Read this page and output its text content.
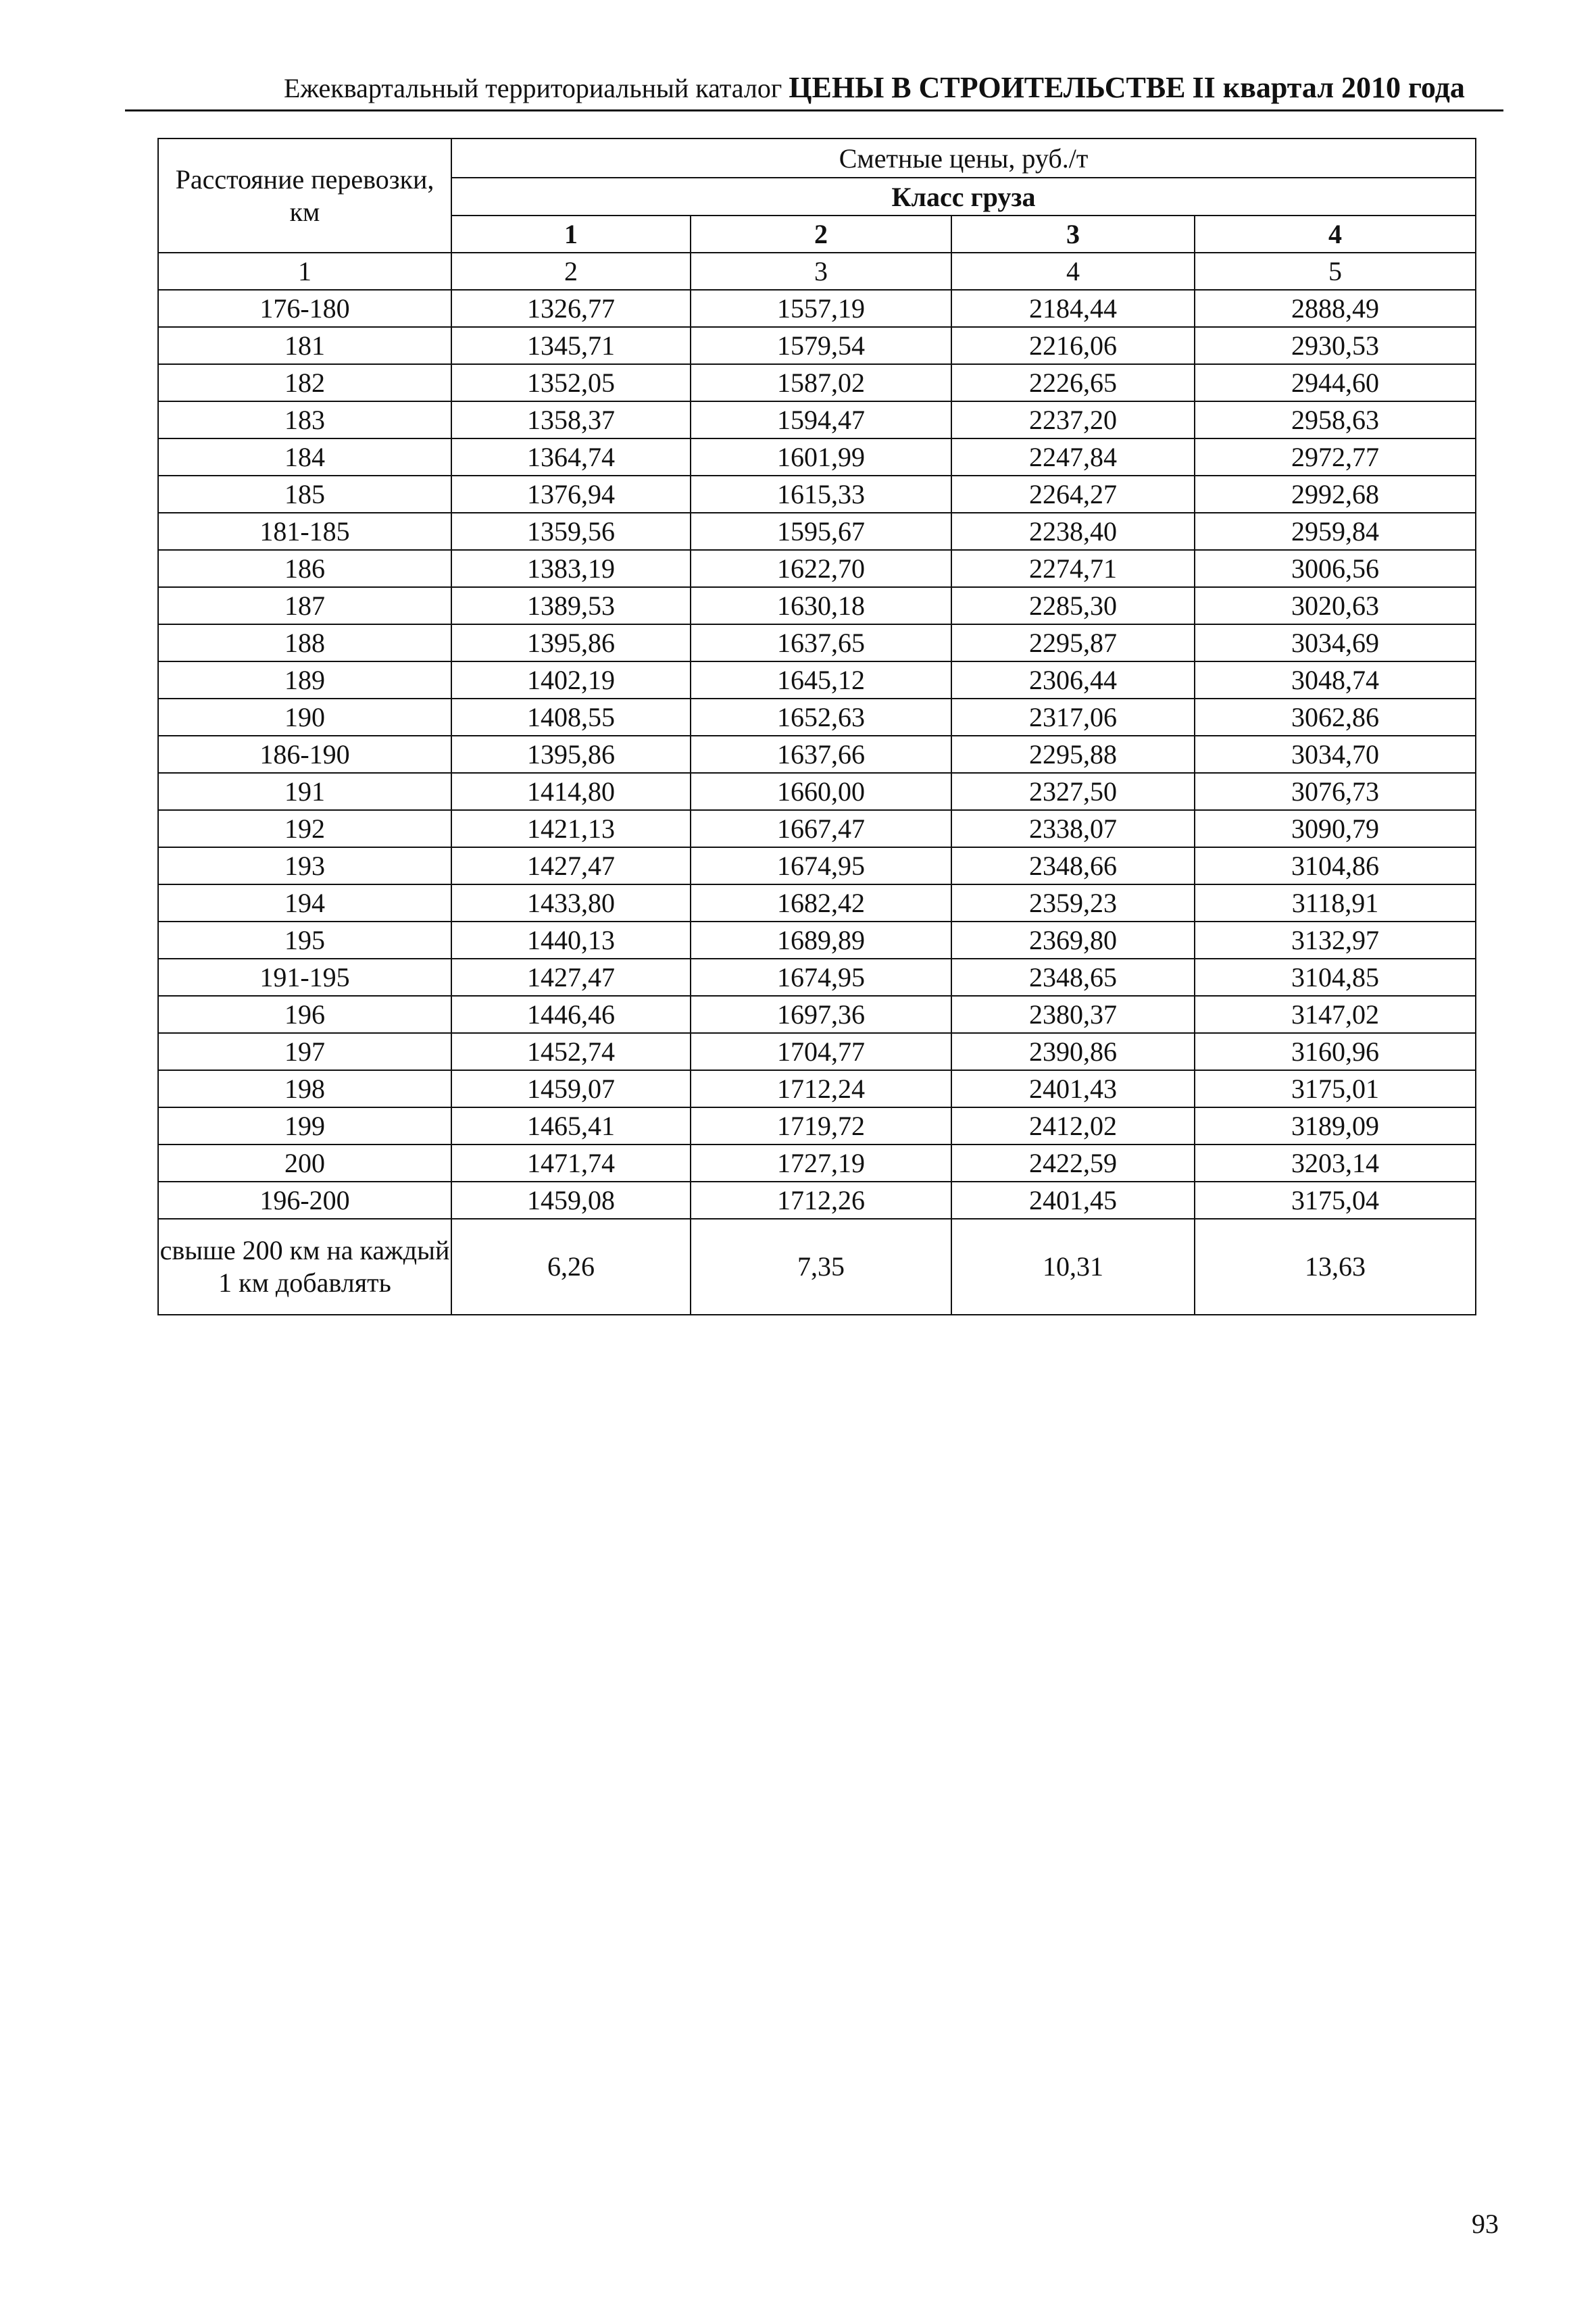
Ежеквартальный территориальный каталог ЦЕНЫ В СТРОИТЕЛЬСТВЕ II квартал 2010 года
Расстояние перевозки, км	Сметные цены, руб./т			
	Класс груза			
	1	2	3	4
1	2	3	4	5
176-180	1326,77	1557,19	2184,44	2888,49
181	1345,71	1579,54	2216,06	2930,53
182	1352,05	1587,02	2226,65	2944,60
183	1358,37	1594,47	2237,20	2958,63
184	1364,74	1601,99	2247,84	2972,77
185	1376,94	1615,33	2264,27	2992,68
181-185	1359,56	1595,67	2238,40	2959,84
186	1383,19	1622,70	2274,71	3006,56
187	1389,53	1630,18	2285,30	3020,63
188	1395,86	1637,65	2295,87	3034,69
189	1402,19	1645,12	2306,44	3048,74
190	1408,55	1652,63	2317,06	3062,86
186-190	1395,86	1637,66	2295,88	3034,70
191	1414,80	1660,00	2327,50	3076,73
192	1421,13	1667,47	2338,07	3090,79
193	1427,47	1674,95	2348,66	3104,86
194	1433,80	1682,42	2359,23	3118,91
195	1440,13	1689,89	2369,80	3132,97
191-195	1427,47	1674,95	2348,65	3104,85
196	1446,46	1697,36	2380,37	3147,02
197	1452,74	1704,77	2390,86	3160,96
198	1459,07	1712,24	2401,43	3175,01
199	1465,41	1719,72	2412,02	3189,09
200	1471,74	1727,19	2422,59	3203,14
196-200	1459,08	1712,26	2401,45	3175,04
свыше 200 км на каждый 1 км добавлять	6,26	7,35	10,31	13,63
93
